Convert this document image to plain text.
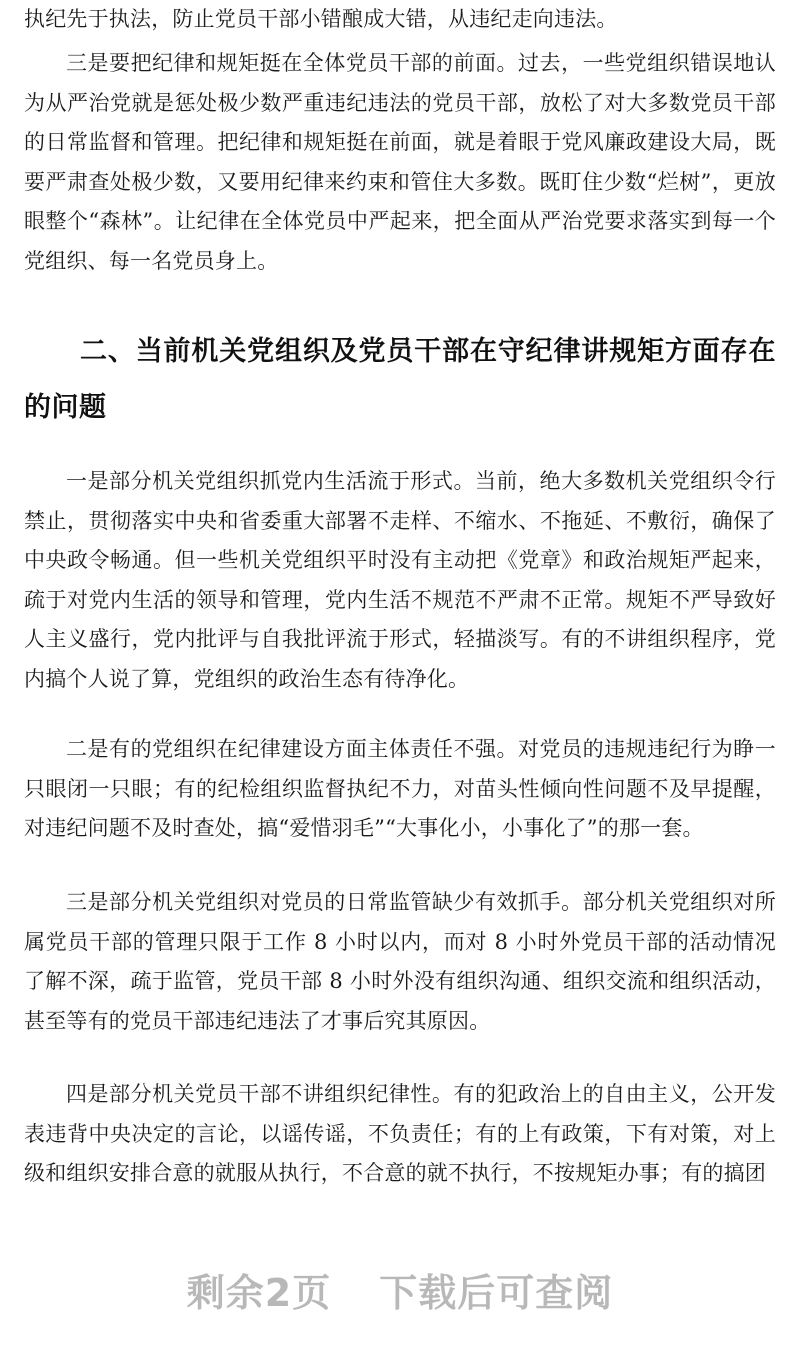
执纪先于执法，防止党员干部小错酿成大错，从违纪走向违法。

三是要把纪律和规矩挺在全体党员干部的前面。过去，一些党组织错误地认为从严治党就是惩处极少数严重违纪违法的党员干部，放松了对大多数党员干部的日常监督和管理。把纪律和规矩挺在前面，就是着眼于党风廉政建设大局，既要严肃查处极少数，又要用纪律来约束和管住大多数。既盯住少数“烂树”，更放眼整个“森林”。让纪律在全体党员中严起来，把全面从严治党要求落实到每一个党组织、每一名党员身上。

二、当前机关党组织及党员干部在守纪律讲规矩方面存在的问题

一是部分机关党组织抓党内生活流于形式。当前，绝大多数机关党组织令行禁止，贯彻落实中央和省委重大部署不走样、不缩水、不拖延、不敷衍，确保了中央政令畅通。但一些机关党组织平时没有主动把《党章》和政治规矩严起来，疏于对党内生活的领导和管理，党内生活不规范不严肃不正常。规矩不严导致好人主义盛行，党内批评与自我批评流于形式，轻描淡写。有的不讲组织程序，党内搞个人说了算，党组织的政治生态有待净化。

二是有的党组织在纪律建设方面主体责任不强。对党员的违规违纪行为睁一只眼闭一只眼；有的纪检组织监督执纪不力，对苗头性倾向性问题不及早提醒，对违纪问题不及时查处，搞“爱惜羽毛”“大事化小，小事化了”的那一套。

三是部分机关党组织对党员的日常监管缺少有效抓手。部分机关党组织对所属党员干部的管理只限于工作 8 小时以内，而对 8 小时外党员干部的活动情况了解不深，疏于监管，党员干部 8 小时外没有组织沟通、组织交流和组织活动，甚至等有的党员干部违纪违法了才事后究其原因。

四是部分机关党员干部不讲组织纪律性。有的犯政治上的自由主义，公开发表违背中央决定的言论，以谣传谣，不负责任；有的上有政策，下有对策，对上级和组织安排合意的就服从执行，不合意的就不执行，不按规矩办事；有的搞团

剩余2页 下载后可查阅
